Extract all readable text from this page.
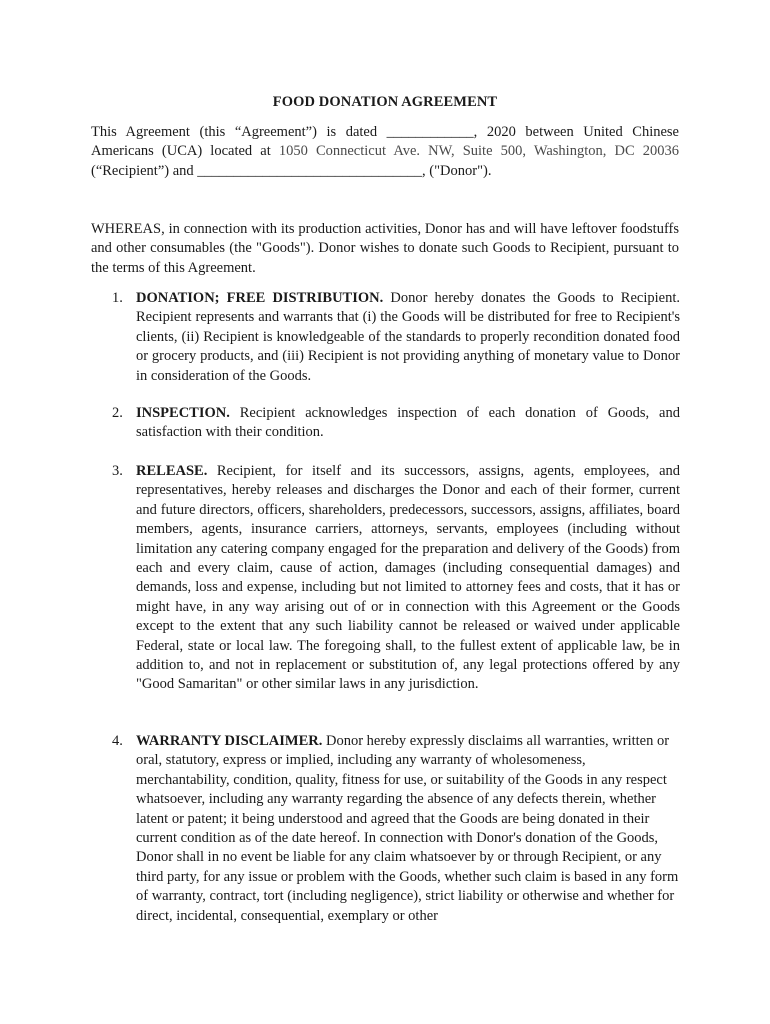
FOOD DONATION AGREEMENT
This Agreement (this “Agreement”) is dated ____________, 2020 between United Chinese Americans (UCA) located at 1050 Connecticut Ave. NW, Suite 500, Washington, DC 20036 (“Recipient”) and _______________________________, ("Donor").
WHEREAS, in connection with its production activities, Donor has and will have leftover foodstuffs and other consumables (the "Goods"). Donor wishes to donate such Goods to Recipient, pursuant to the terms of this Agreement.
1. DONATION; FREE DISTRIBUTION. Donor hereby donates the Goods to Recipient. Recipient represents and warrants that (i) the Goods will be distributed for free to Recipient's clients, (ii) Recipient is knowledgeable of the standards to properly recondition donated food or grocery products, and (iii) Recipient is not providing anything of monetary value to Donor in consideration of the Goods.
2. INSPECTION. Recipient acknowledges inspection of each donation of Goods, and satisfaction with their condition.
3. RELEASE. Recipient, for itself and its successors, assigns, agents, employees, and representatives, hereby releases and discharges the Donor and each of their former, current and future directors, officers, shareholders, predecessors, successors, assigns, affiliates, board members, agents, insurance carriers, attorneys, servants, employees (including without limitation any catering company engaged for the preparation and delivery of the Goods) from each and every claim, cause of action, damages (including consequential damages) and demands, loss and expense, including but not limited to attorney fees and costs, that it has or might have, in any way arising out of or in connection with this Agreement or the Goods except to the extent that any such liability cannot be released or waived under applicable Federal, state or local law. The foregoing shall, to the fullest extent of applicable law, be in addition to, and not in replacement or substitution of, any legal protections offered by any "Good Samaritan" or other similar laws in any jurisdiction.
4. WARRANTY DISCLAIMER. Donor hereby expressly disclaims all warranties, written or oral, statutory, express or implied, including any warranty of wholesomeness, merchantability, condition, quality, fitness for use, or suitability of the Goods in any respect whatsoever, including any warranty regarding the absence of any defects therein, whether latent or patent; it being understood and agreed that the Goods are being donated in their current condition as of the date hereof. In connection with Donor's donation of the Goods, Donor shall in no event be liable for any claim whatsoever by or through Recipient, or any third party, for any issue or problem with the Goods, whether such claim is based in any form of warranty, contract, tort (including negligence), strict liability or otherwise and whether for direct, incidental, consequential, exemplary or other
